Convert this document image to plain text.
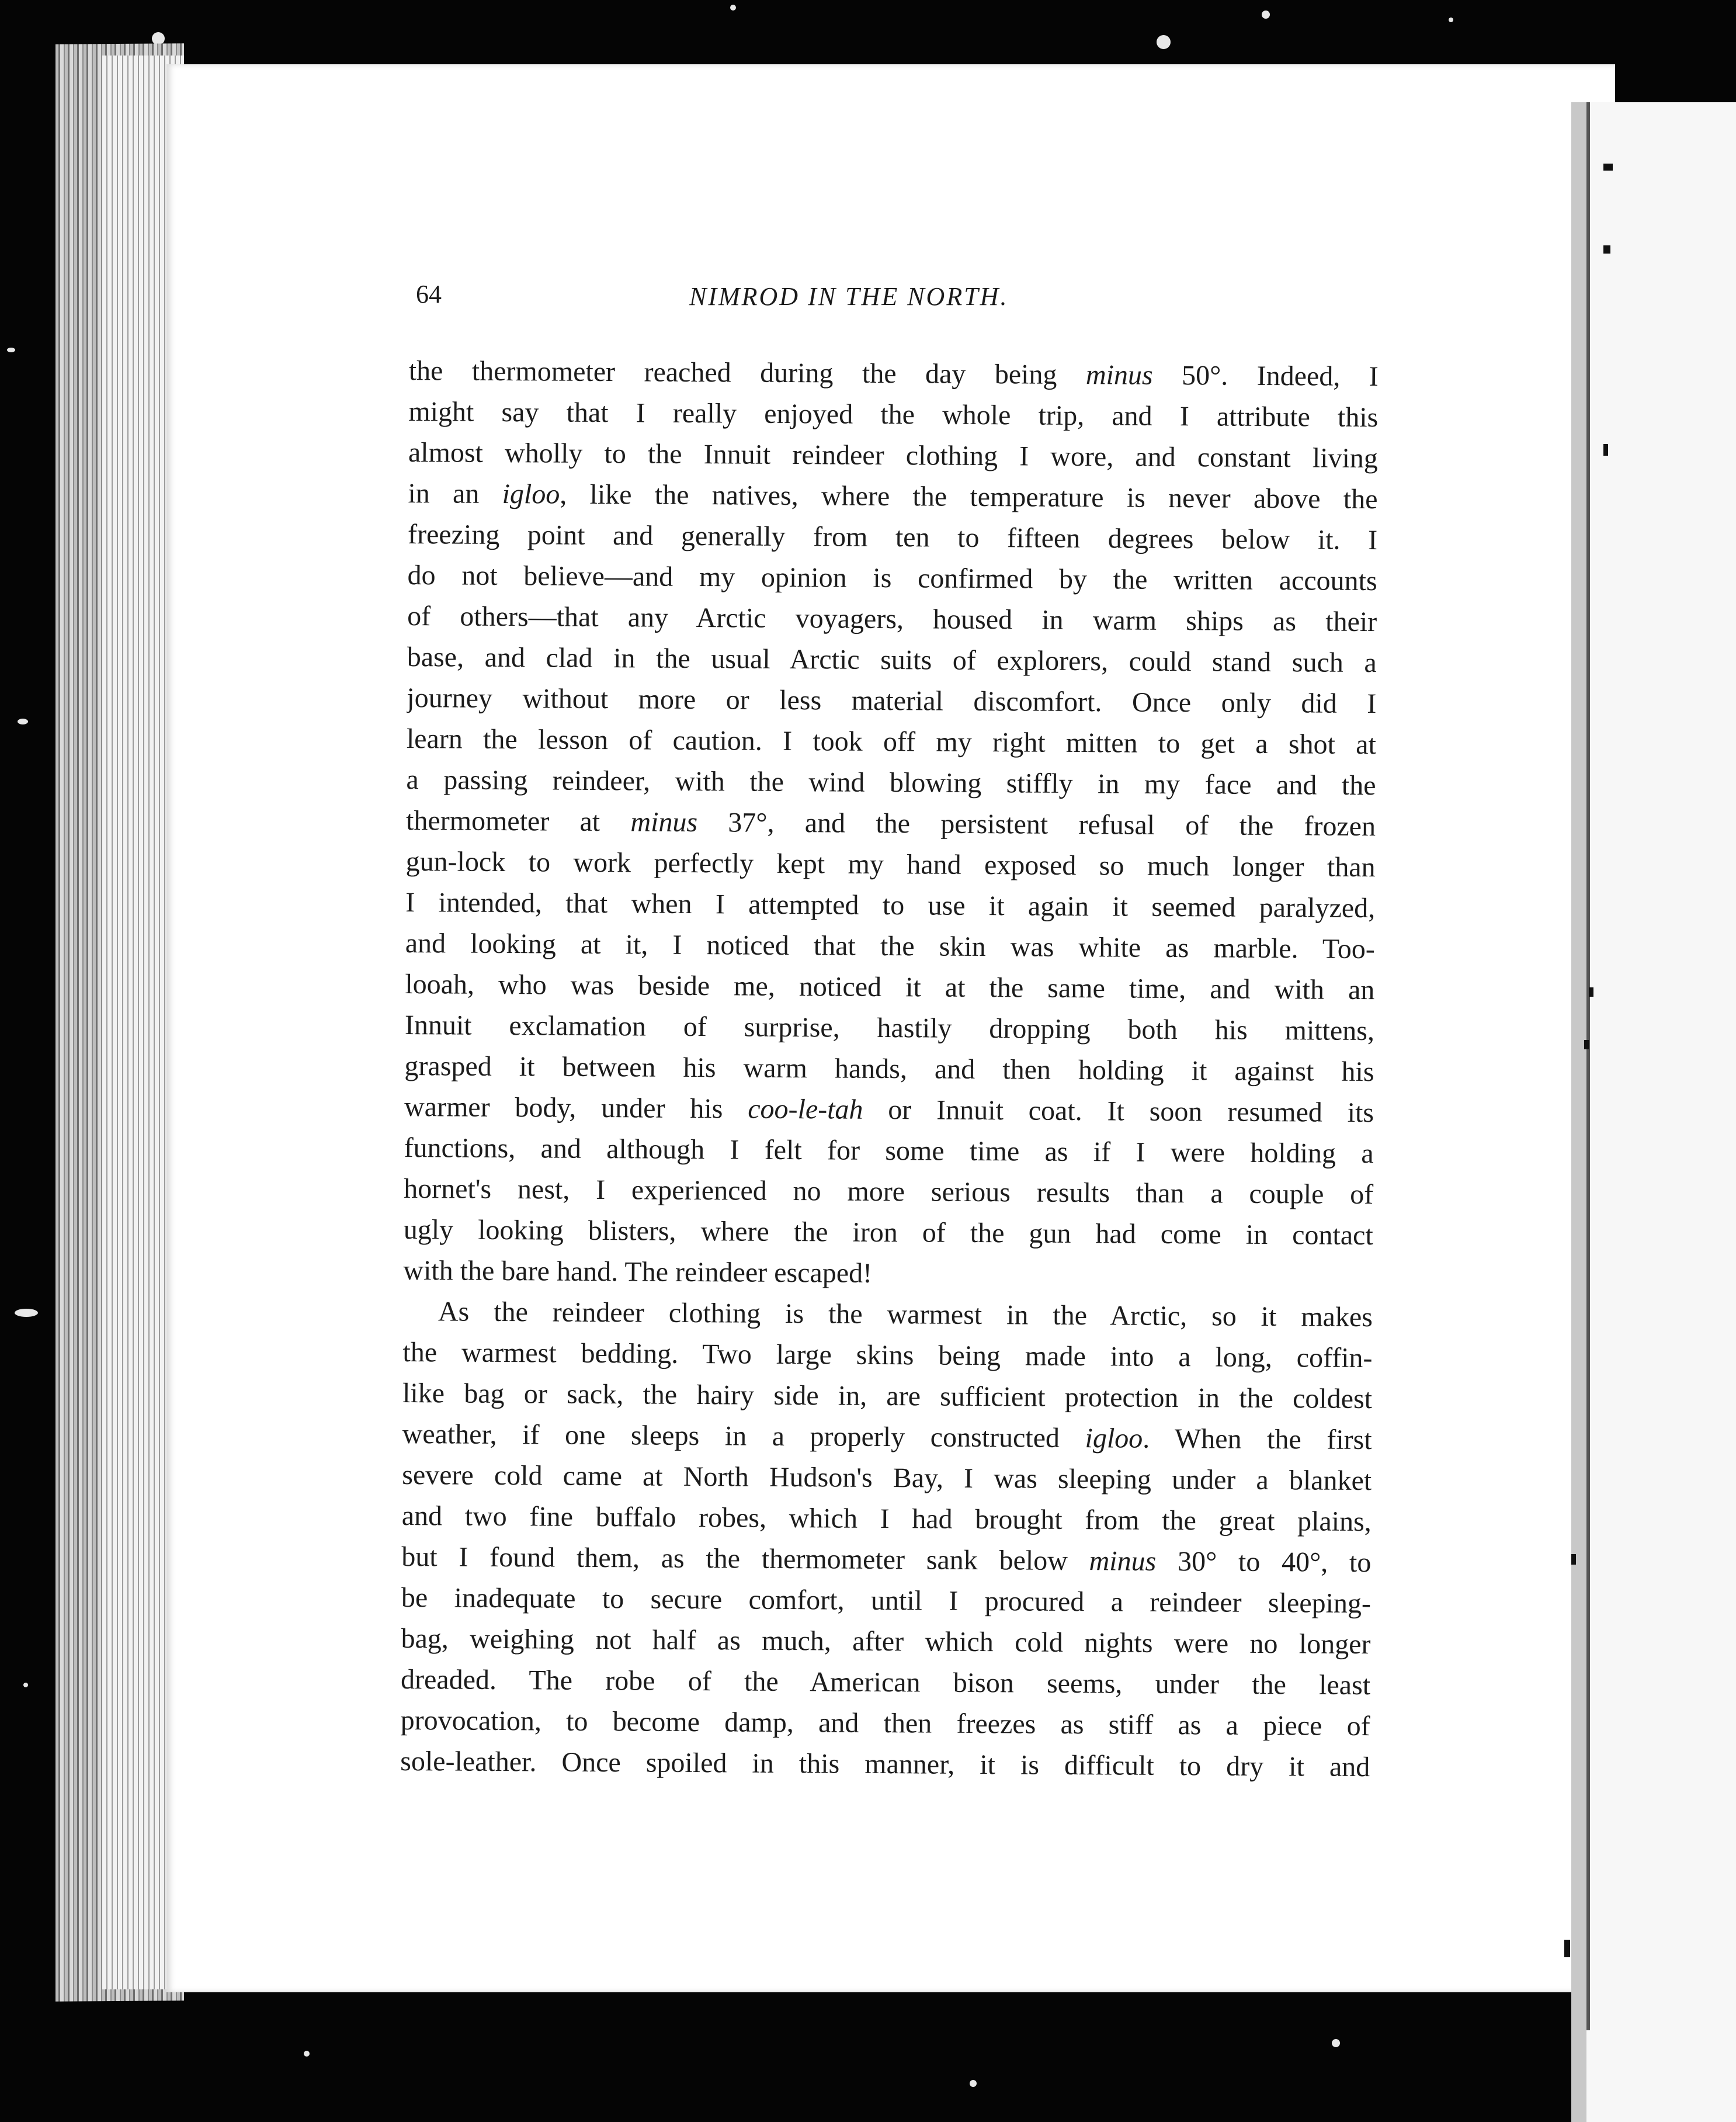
64	NIMROD IN THE NORTH.
the thermometer reached during the day being minus 50°. Indeed, I
might say that I really enjoyed the whole trip, and I attribute this
almost wholly to the Innuit reindeer clothing I wore, and constant living
in an igloo, like the natives, where the temperature is never above the
freezing point and generally from ten to fifteen degrees below it. I
do not believe—and my opinion is confirmed by the written accounts
of others—that any Arctic voyagers, housed in warm ships as their
base, and clad in the usual Arctic suits of explorers, could stand such a
journey without more or less material discomfort. Once only did I
learn the lesson of caution. I took off my right mitten to get a shot at
a passing reindeer, with the wind blowing stiffly in my face and the
thermometer at minus 37°, and the persistent refusal of the frozen
gun-lock to work perfectly kept my hand exposed so much longer than
I intended, that when I attempted to use it again it seemed paralyzed,
and looking at it, I noticed that the skin was white as marble. Too-
looah, who was beside me, noticed it at the same time, and with an
Innuit exclamation of surprise, hastily dropping both his mittens,
grasped it between his warm hands, and then holding it against his
warmer body, under his coo-le-tah or Innuit coat. It soon resumed its
functions, and although I felt for some time as if I were holding a
hornet's nest, I experienced no more serious results than a couple of
ugly looking blisters, where the iron of the gun had come in contact
with the bare hand. The reindeer escaped!
As the reindeer clothing is the warmest in the Arctic, so it makes
the warmest bedding. Two large skins being made into a long, coffin-
like bag or sack, the hairy side in, are sufficient protection in the coldest
weather, if one sleeps in a properly constructed igloo. When the first
severe cold came at North Hudson's Bay, I was sleeping under a blanket
and two fine buffalo robes, which I had brought from the great plains,
but I found them, as the thermometer sank below minus 30° to 40°, to
be inadequate to secure comfort, until I procured a reindeer sleeping-
bag, weighing not half as much, after which cold nights were no longer
dreaded. The robe of the American bison seems, under the least
provocation, to become damp, and then freezes as stiff as a piece of
sole-leather. Once spoiled in this manner, it is difficult to dry it and
